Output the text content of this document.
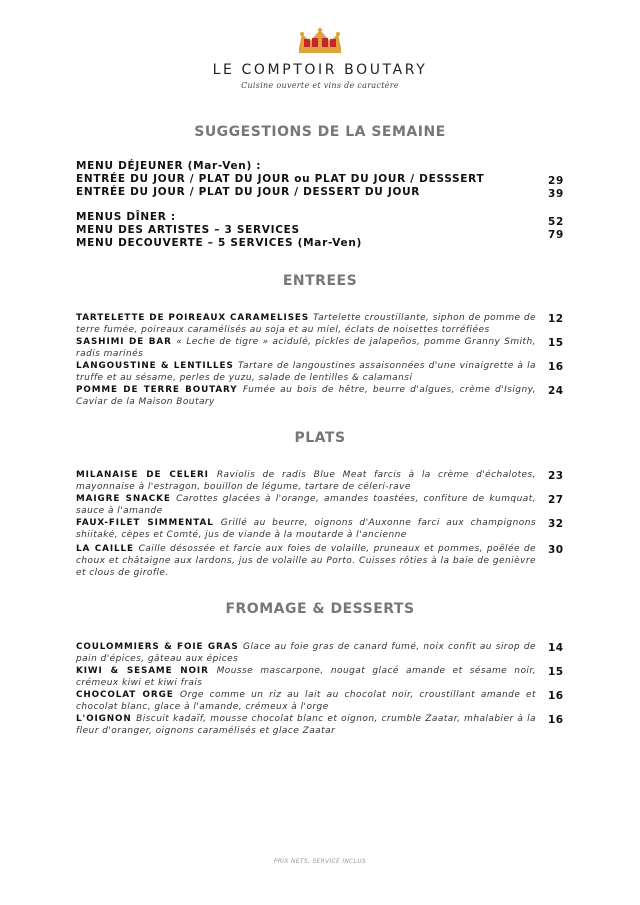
LE COMPTOIR BOUTARY
Cuisine ouverte et vins de caractère
SUGGESTIONS DE LA SEMAINE
MENU DÉJEUNER (Mar-Ven) :
ENTRÉE DU JOUR / PLAT DU JOUR ou PLAT DU JOUR / DESSSERT
ENTRÉE DU JOUR / PLAT DU JOUR / DESSERT DU JOUR
29
39
MENUS DÎNER :
MENU DES ARTISTES – 3 SERVICES
MENU DECOUVERTE – 5 SERVICES (Mar-Ven)
52
79
ENTREES
TARTELETTE DE POIREAUX CARAMELISES Tartelette croustillante, siphon de pomme de terre fumée, poireaux caramélisés au soja et au miel, éclats de noisettes torréfiées
12
SASHIMI DE BAR « Leche de tigre » acidulé, pickles de jalapeños, pomme Granny Smith, radis marinés
15
LANGOUSTINE & LENTILLES Tartare de langoustines assaisonnées d'une vinaigrette à la truffe et au sésame, perles de yuzu, salade de lentilles & calamansi
16
POMME DE TERRE BOUTARY Fumée au bois de hêtre, beurre d'algues, crème d'Isigny, Caviar de la Maison Boutary
24
PLATS
MILANAISE DE CELERI Raviolis de radis Blue Meat farcis à la crème d'échalotes, mayonnaise à l'estragon, bouillon de légume, tartare de céleri-rave
23
MAIGRE SNACKE Carottes glacées à l'orange, amandes toastées, confiture de kumquat, sauce à l'amande
27
FAUX-FILET SIMMENTAL Grillé au beurre, oignons d'Auxonne farci aux champignons shiitaké, cèpes et Comté, jus de viande à la moutarde à l'ancienne
32
LA CAILLE Caille désossée et farcie aux foies de volaille, pruneaux et pommes, poêlée de choux et châtaigne aux lardons, jus de volaille au Porto. Cuisses rôties à la baie de genièvre et clous de girofle.
30
FROMAGE & DESSERTS
COULOMMIERS & FOIE GRAS Glace au foie gras de canard fumé, noix confit au sirop de pain d'épices, gâteau aux épices
14
KIWI & SESAME NOIR Mousse mascarpone, nougat glacé amande et sésame noir, crémeux kiwi et kiwi frais
15
CHOCOLAT ORGE Orge comme un riz au lait au chocolat noir, croustillant amande et chocolat blanc, glace à l'amande, crémeux à l'orge
16
L'OIGNON Biscuit kadaïf, mousse chocolat blanc et oignon, crumble Zaatar, mhalabier à la fleur d'oranger, oignons caramélisés et glace Zaatar
16
PRIX NETS, SERVICE INCLUS
